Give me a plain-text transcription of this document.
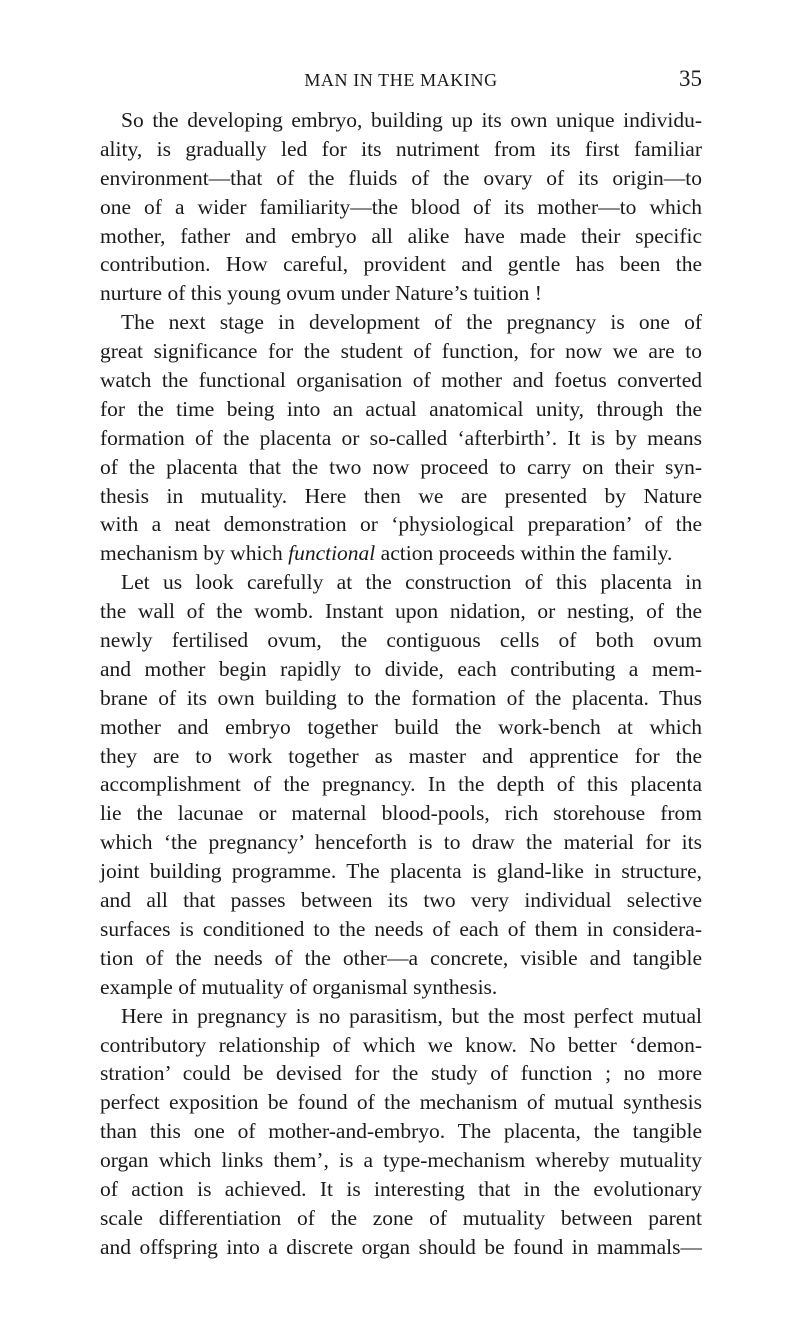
MAN IN THE MAKING	35
So the developing embryo, building up its own unique individu-
ality, is gradually led for its nutriment from its first familiar
environment—that of the fluids of the ovary of its origin—to
one of a wider familiarity—the blood of its mother—to which
mother, father and embryo all alike have made their specific
contribution. How careful, provident and gentle has been the
nurture of this young ovum under Nature’s tuition !
The next stage in development of the pregnancy is one of
great significance for the student of function, for now we are to
watch the functional organisation of mother and foetus converted
for the time being into an actual anatomical unity, through the
formation of the placenta or so-called ‘afterbirth’. It is by means
of the placenta that the two now proceed to carry on their syn-
thesis in mutuality. Here then we are presented by Nature
with a neat demonstration or ‘physiological preparation’ of the
mechanism by which functional action proceeds within the family.
Let us look carefully at the construction of this placenta in
the wall of the womb. Instant upon nidation, or nesting, of the
newly fertilised ovum, the contiguous cells of both ovum
and mother begin rapidly to divide, each contributing a mem-
brane of its own building to the formation of the placenta. Thus
mother and embryo together build the work-bench at which
they are to work together as master and apprentice for the
accomplishment of the pregnancy. In the depth of this placenta
lie the lacunae or maternal blood-pools, rich storehouse from
which ‘the pregnancy’ henceforth is to draw the material for its
joint building programme. The placenta is gland-like in structure,
and all that passes between its two very individual selective
surfaces is conditioned to the needs of each of them in considera-
tion of the needs of the other—a concrete, visible and tangible
example of mutuality of organismal synthesis.
Here in pregnancy is no parasitism, but the most perfect mutual
contributory relationship of which we know. No better ‘demon-
stration’ could be devised for the study of function ; no more
perfect exposition be found of the mechanism of mutual synthesis
than this one of mother-and-embryo. The placenta, the tangible
organ which links them’, is a type-mechanism whereby mutuality
of action is achieved. It is interesting that in the evolutionary
scale differentiation of the zone of mutuality between parent
and offspring into a discrete organ should be found in mammals—
